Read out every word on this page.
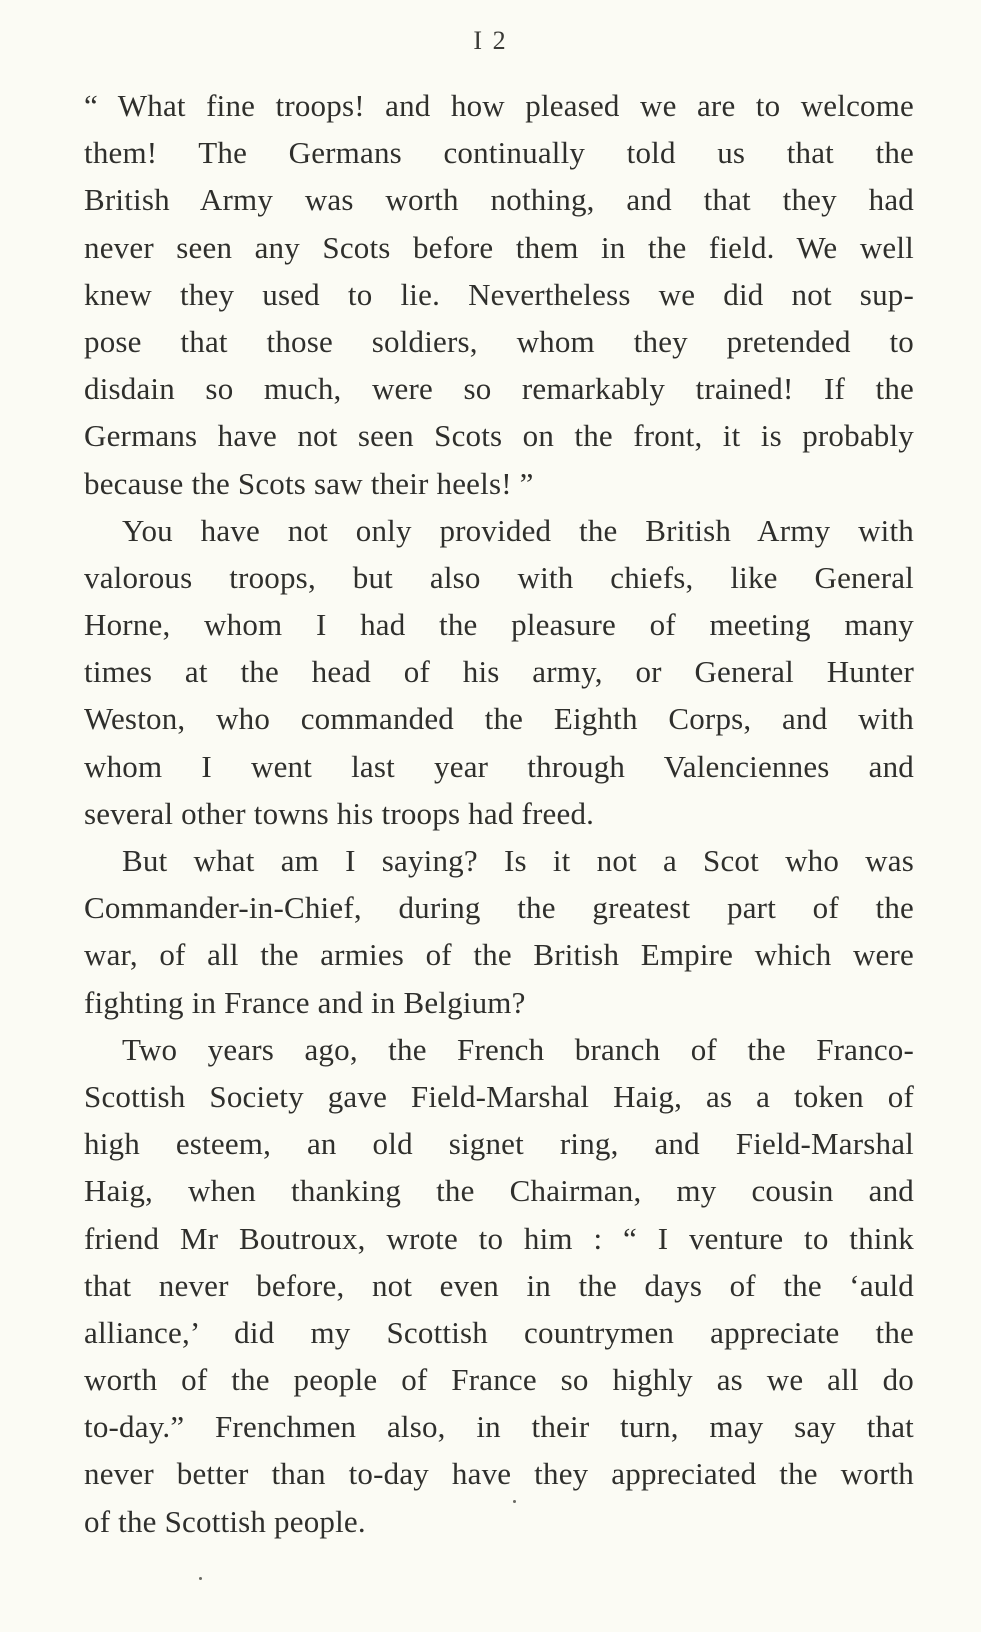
I 2
“ What fine troops! and how pleased we are to welcome
them! The Germans continually told us that the
British Army was worth nothing, and that they had
never seen any Scots before them in the field. We well
knew they used to lie. Nevertheless we did not sup-
pose that those soldiers, whom they pretended to
disdain so much, were so remarkably trained! If the
Germans have not seen Scots on the front, it is probably
because the Scots saw their heels! ”
You have not only provided the British Army with
valorous troops, but also with chiefs, like General
Horne, whom I had the pleasure of meeting many
times at the head of his army, or General Hunter
Weston, who commanded the Eighth Corps, and with
whom I went last year through Valenciennes and
several other towns his troops had freed.
But what am I saying? Is it not a Scot who was
Commander-in-Chief, during the greatest part of the
war, of all the armies of the British Empire which were
fighting in France and in Belgium?
Two years ago, the French branch of the Franco-
Scottish Society gave Field-Marshal Haig, as a token of
high esteem, an old signet ring, and Field-Marshal
Haig, when thanking the Chairman, my cousin and
friend Mr Boutroux, wrote to him : “ I venture to think
that never before, not even in the days of the ‘auld
alliance,’ did my Scottish countrymen appreciate the
worth of the people of France so highly as we all do
to-day.” Frenchmen also, in their turn, may say that
never better than to-day have they appreciated the worth
of the Scottish people.
